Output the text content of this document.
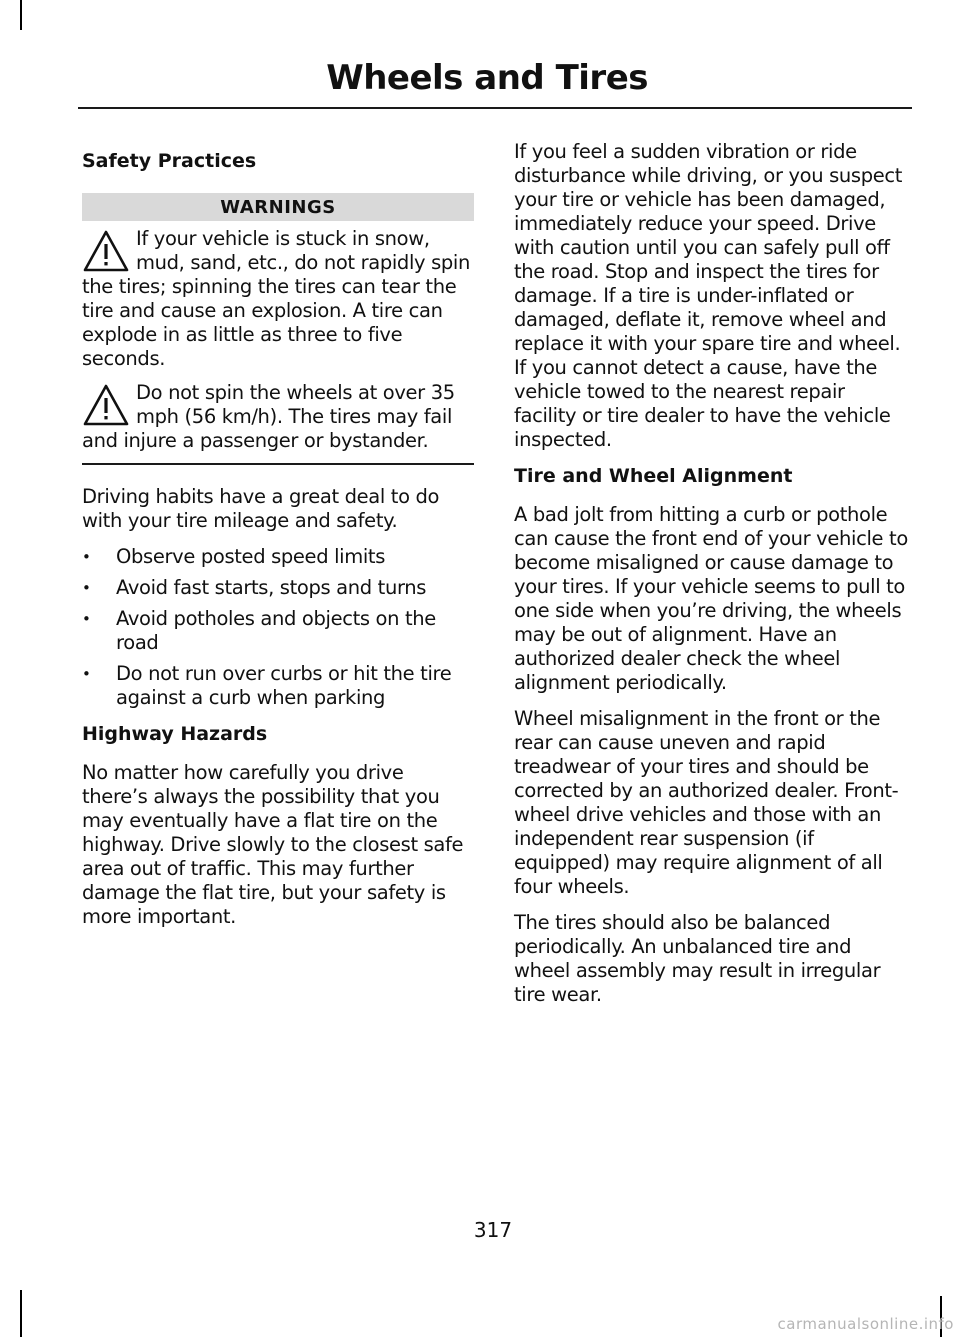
Wheels and Tires
Safety Practices
WARNINGS
If your vehicle is stuck in snow, mud, sand, etc., do not rapidly spin the tires; spinning the tires can tear the tire and cause an explosion. A tire can explode in as little as three to five seconds.
Do not spin the wheels at over 35 mph (56 km/h). The tires may fail and injure a passenger or bystander.

Driving habits have a great deal to do with your tire mileage and safety.

• Observe posted speed limits
• Avoid fast starts, stops and turns
• Avoid potholes and objects on the road
• Do not run over curbs or hit the tire against a curb when parking
Highway Hazards

No matter how carefully you drive there’s always the possibility that you may eventually have a flat tire on the highway. Drive slowly to the closest safe area out of traffic. This may further damage the flat tire, but your safety is more important.

If you feel a sudden vibration or ride disturbance while driving, or you suspect your tire or vehicle has been damaged, immediately reduce your speed. Drive with caution until you can safely pull off the road. Stop and inspect the tires for damage. If a tire is under-inflated or damaged, deflate it, remove wheel and replace it with your spare tire and wheel. If you cannot detect a cause, have the vehicle towed to the nearest repair facility or tire dealer to have the vehicle inspected.

Tire and Wheel Alignment

A bad jolt from hitting a curb or pothole can cause the front end of your vehicle to become misaligned or cause damage to your tires. If your vehicle seems to pull to one side when you’re driving, the wheels may be out of alignment. Have an authorized dealer check the wheel alignment periodically.

Wheel misalignment in the front or the rear can cause uneven and rapid treadwear of your tires and should be corrected by an authorized dealer. Front-wheel drive vehicles and those with an independent rear suspension (if equipped) may require alignment of all four wheels.

The tires should also be balanced periodically. An unbalanced tire and wheel assembly may result in irregular tire wear.

317
carmanualsonline.info
